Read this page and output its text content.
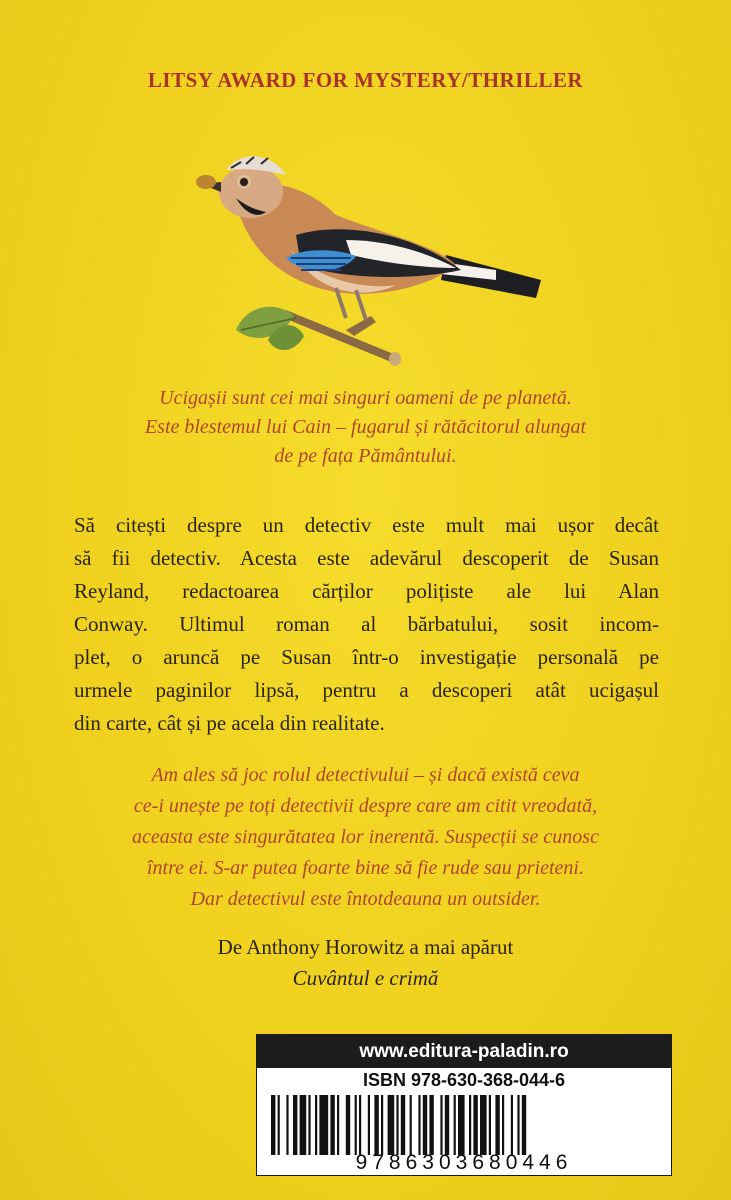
LITSY AWARD FOR MYSTERY/THRILLER
Ucigașii sunt cei mai singuri oameni de pe planetă.
Este blestemul lui Cain – fugarul și rătăcitorul alungat
de pe fața Pământului.
Să citești despre un detectiv este mult mai ușor decât
să fii detectiv. Acesta este adevărul descoperit de Susan
Reyland, redactoarea cărților polițiste ale lui Alan
Conway. Ultimul roman al bărbatului, sosit incom-
plet, o aruncă pe Susan într-o investigație personală pe
urmele paginilor lipsă, pentru a descoperi atât ucigașul
din carte, cât și pe acela din realitate.
Am ales să joc rolul detectivului – și dacă există ceva
ce-i unește pe toți detectivii despre care am citit vreodată,
aceasta este singurătatea lor inerentă. Suspecții se cunosc
între ei. S-ar putea foarte bine să fie rude sau prieteni.
Dar detectivul este întotdeauna un outsider.
De Anthony Horowitz a mai apărut
Cuvântul e crimă
www.editura-paladin.ro
ISBN 978-630-368-044-6
9786303680446
